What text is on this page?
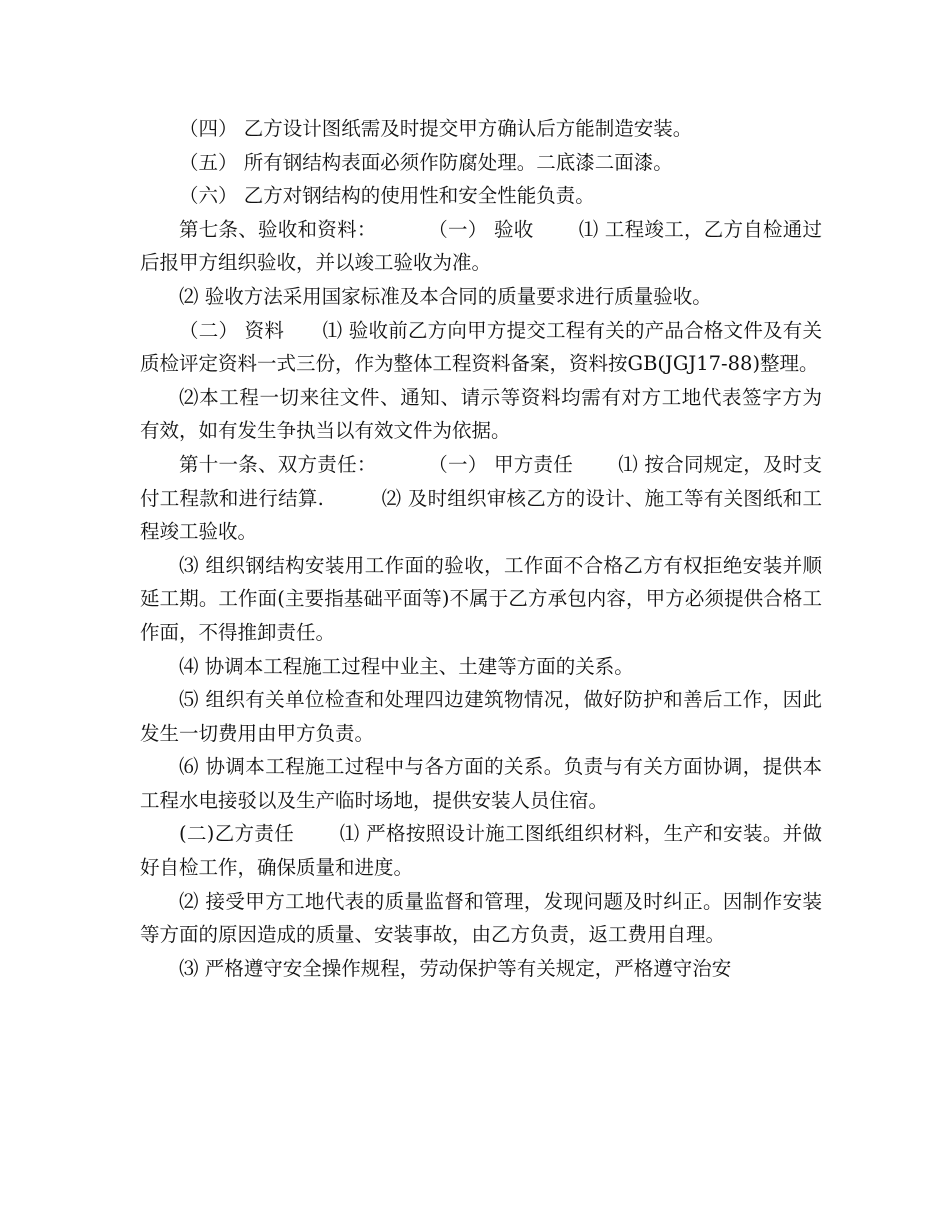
（四） 乙方设计图纸需及时提交甲方确认后方能制造安装。

（五） 所有钢结构表面必须作防腐处理。二底漆二面漆。

（六） 乙方对钢结构的使用性和安全性能负责。

第七条、验收和资料：        （一） 验收       ⑴ 工程竣工，乙方自检通过后报甲方组织验收，并以竣工验收为准。

⑵ 验收方法采用国家标准及本合同的质量要求进行质量验收。

（二） 资料      ⑴ 验收前乙方向甲方提交工程有关的产品合格文件及有关质检评定资料一式三份，作为整体工程资料备案，资料按GB(JGJ17-88)整理。

⑵本工程一切来往文件、通知、请示等资料均需有对方工地代表签字方为有效，如有发生争执当以有效文件为依据。

第十一条、双方责任：        （一） 甲方责任       ⑴ 按合同规定，及时支付工程款和进行结算.         ⑵ 及时组织审核乙方的设计、施工等有关图纸和工程竣工验收。

⑶ 组织钢结构安装用工作面的验收，工作面不合格乙方有权拒绝安装并顺延工期。工作面(主要指基础平面等)不属于乙方承包内容，甲方必须提供合格工作面，不得推卸责任。

⑷ 协调本工程施工过程中业主、土建等方面的关系。

⑸ 组织有关单位检查和处理四边建筑物情况，做好防护和善后工作，因此发生一切费用由甲方负责。

⑹ 协调本工程施工过程中与各方面的关系。负责与有关方面协调，提供本工程水电接驳以及生产临时场地，提供安装人员住宿。

(二)乙方责任       ⑴ 严格按照设计施工图纸组织材料，生产和安装。并做好自检工作，确保质量和进度。

⑵ 接受甲方工地代表的质量监督和管理，发现问题及时纠正。因制作安装等方面的原因造成的质量、安装事故，由乙方负责，返工费用自理。

⑶ 严格遵守安全操作规程，劳动保护等有关规定，严格遵守治安
